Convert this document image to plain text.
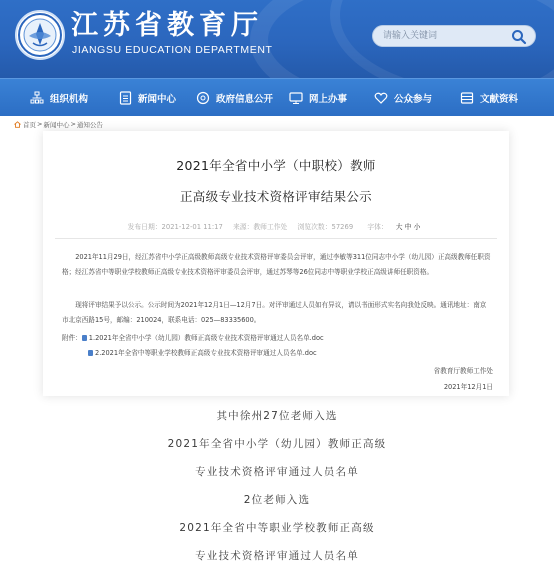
江苏省教育厅
JIANGSU EDUCATION DEPARTMENT
请输入关键词
组织机构	新闻中心	政府信息公开	网上办事	公众参与	文献资料
首页 > 新闻中心 > 通知公告
2021年全省中小学（中职校）教师
正高级专业技术资格评审结果公示
发布日期：2021-12-01 11:17 来源：教师工作处 浏览次数：57269 字体： 大 中 小
2021年11月29日，经江苏省中小学正高级教师高级专业技术资格评审委员会评审，通过李敏等311位同志中小学（幼儿园）正高级教师任职资格；经江苏省中等职业学校教师正高级专业技术资格评审委员会评审，通过苏琴等26位同志中等职业学校正高级讲师任职资格。
现将评审结果予以公示。公示时间为2021年12月1日—12月7日。对评审通过人员如有异议，请以书面形式实名向我处反映。通讯地址：南京市北京西路15号，邮编：210024，联系电话：025—83335600。
附件： 1.2021年全省中小学（幼儿园）教师正高级专业技术资格评审通过人员名单.doc
2.2021年全省中等职业学校教师正高级专业技术资格评审通过人员名单.doc
省教育厅教师工作处
2021年12月1日
其中徐州27位老师入选
2021年全省中小学（幼儿园）教师正高级
专业技术资格评审通过人员名单
2位老师入选
2021年全省中等职业学校教师正高级
专业技术资格评审通过人员名单
